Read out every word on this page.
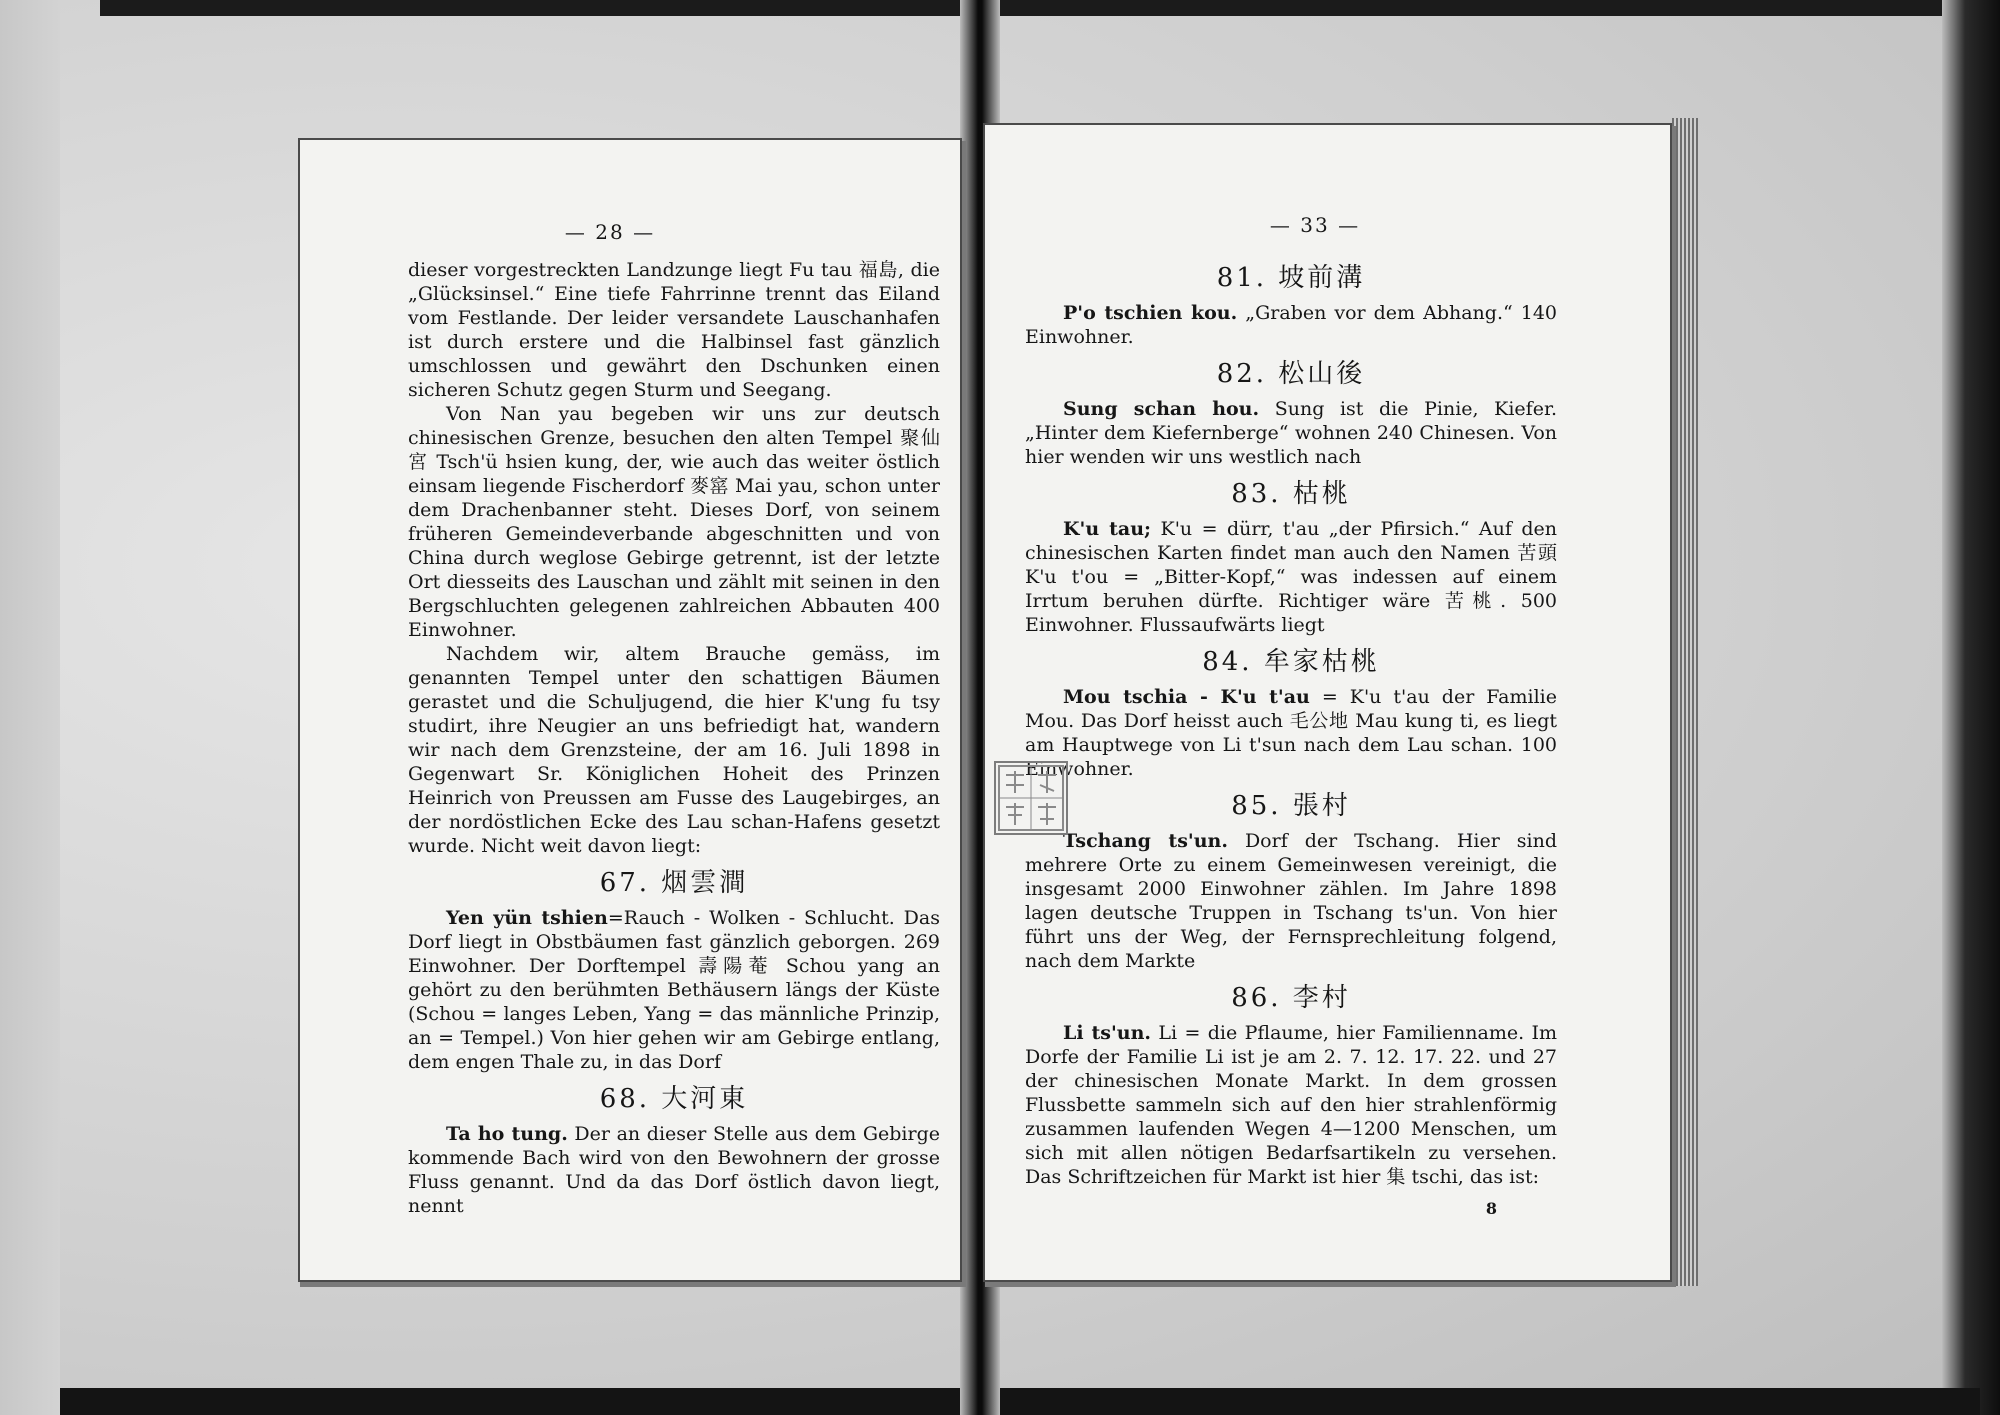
— 28 —

dieser vorgestreckten Landzunge liegt Fu tau 福島, die „Glücksinsel.“ Eine tiefe Fahrrinne trennt das Eiland vom Festlande. Der leider versandete Lauschanhafen ist durch erstere und die Halbinsel fast gänzlich umschlossen und gewährt den Dschunken einen sicheren Schutz gegen Sturm und Seegang.

Von Nan yau begeben wir uns zur deutsch chinesischen Grenze, besuchen den alten Tempel 聚仙宮 Tsch'ü hsien kung, der, wie auch das weiter östlich einsam liegende Fischerdorf 麥窰 Mai yau, schon unter dem Drachenbanner steht. Dieses Dorf, von seinem früheren Gemeindeverbande abgeschnitten und von China durch weglose Gebirge getrennt, ist der letzte Ort diesseits des Lauschan und zählt mit seinen in den Bergschluchten gelegenen zahlreichen Abbauten 400 Einwohner.

Nachdem wir, altem Brauche gemäss, im genannten Tempel unter den schattigen Bäumen gerastet und die Schuljugend, die hier K'ung fu tsy studirt, ihre Neugier an uns befriedigt hat, wandern wir nach dem Grenzsteine, der am 16. Juli 1898 in Gegenwart Sr. Königlichen Hoheit des Prinzen Heinrich von Preussen am Fusse des Laugebirges, an der nordöstlichen Ecke des Lau schan-Hafens gesetzt wurde. Nicht weit davon liegt:

67. 烟雲澗

Yen yün tshien=Rauch - Wolken - Schlucht. Das Dorf liegt in Obstbäumen fast gänzlich geborgen. 269 Einwohner. Der Dorftempel 壽陽菴 Schou yang an gehört zu den berühmten Bethäusern längs der Küste (Schou = langes Leben, Yang = das männliche Prinzip, an = Tempel.) Von hier gehen wir am Gebirge entlang, dem engen Thale zu, in das Dorf

68. 大河東

Ta ho tung. Der an dieser Stelle aus dem Gebirge kommende Bach wird von den Bewohnern der grosse Fluss genannt. Und da das Dorf östlich davon liegt, nennt

— 33 —
81. 坡前溝

P'o tschien kou. „Graben vor dem Abhang.“ 140 Einwohner.

82. 松山後

Sung schan hou. Sung ist die Pinie, Kiefer. „Hinter dem Kiefernberge“ wohnen 240 Chinesen. Von hier wenden wir uns westlich nach

83. 枯桃

K'u tau; K'u = dürr, t'au „der Pfirsich.“ Auf den chinesischen Karten findet man auch den Namen 苦頭 K'u t'ou = „Bitter-Kopf,“ was indessen auf einem Irrtum beruhen dürfte. Richtiger wäre 苦桃. 500 Einwohner. Flussaufwärts liegt

84. 牟家枯桃

Mou tschia - K'u t'au = K'u t'au der Familie Mou. Das Dorf heisst auch 毛公地 Mau kung ti, es liegt am Hauptwege von Li t'sun nach dem Lau schan. 100 Einwohner.

85. 張村

Tschang ts'un. Dorf der Tschang. Hier sind mehrere Orte zu einem Gemeinwesen vereinigt, die insgesamt 2000 Einwohner zählen. Im Jahre 1898 lagen deutsche Truppen in Tschang ts'un. Von hier führt uns der Weg, der Fernsprechleitung folgend, nach dem Markte

86. 李村

Li ts'un. Li = die Pflaume, hier Familienname. Im Dorfe der Familie Li ist je am 2. 7. 12. 17. 22. und 27 der chinesischen Monate Markt. In dem grossen Flussbette sammeln sich auf den hier strahlenförmig zusammen laufenden Wegen 4—1200 Menschen, um sich mit allen nötigen Bedarfsartikeln zu versehen. Das Schriftzeichen für Markt ist hier 集 tschi, das ist:

8
